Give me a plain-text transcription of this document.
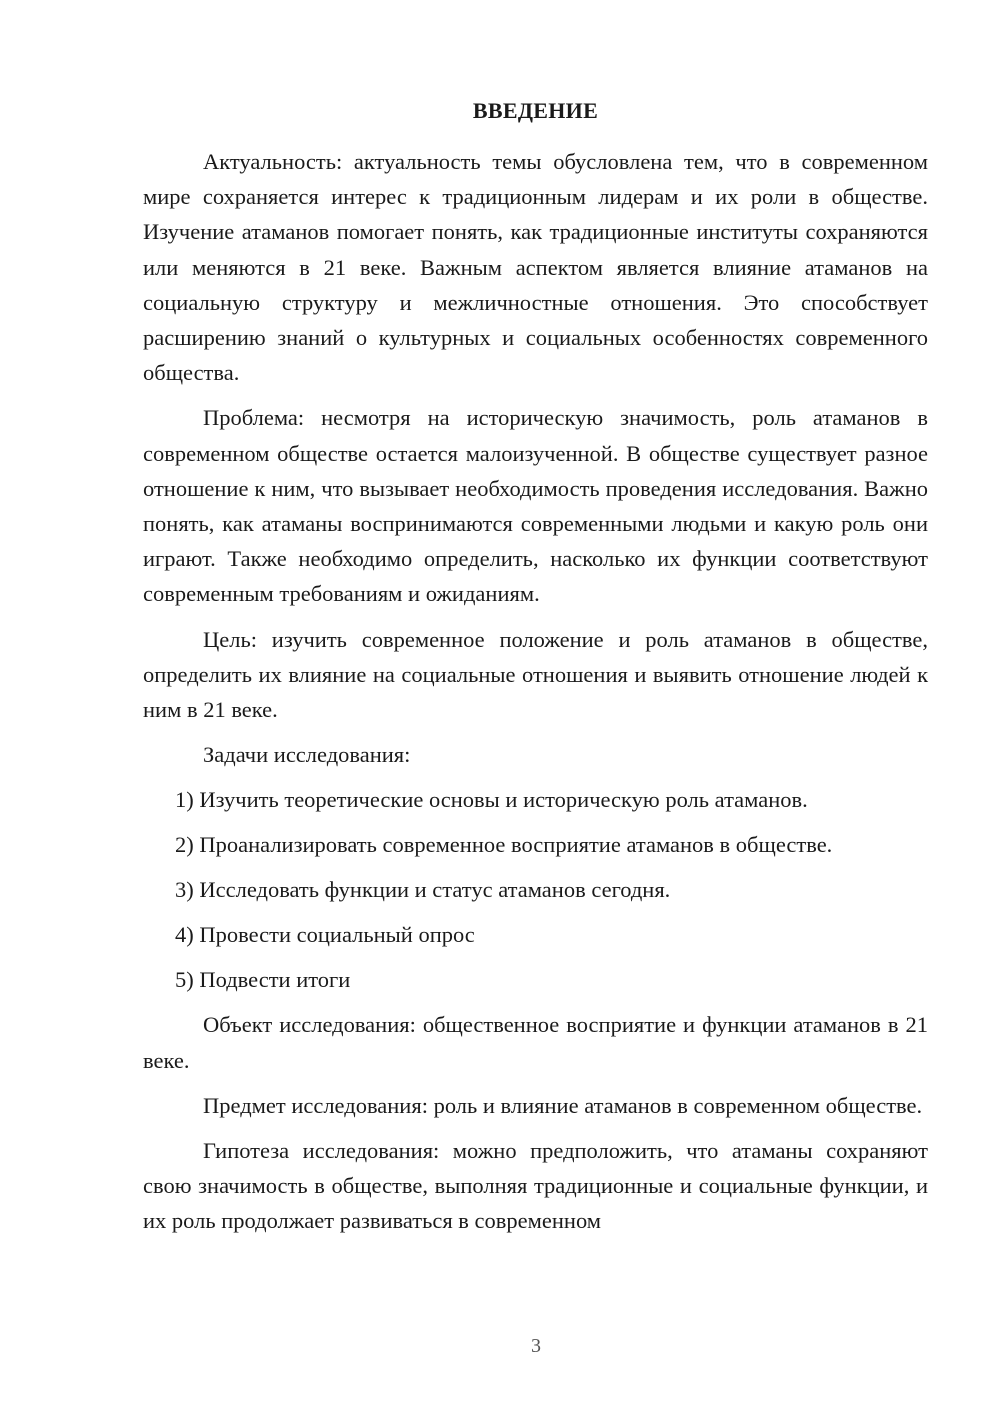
ВВЕДЕНИЕ

Актуальность: актуальность темы обусловлена тем, что в современном мире сохраняется интерес к традиционным лидерам и их роли в обществе. Изучение атаманов помогает понять, как традиционные институты сохраняются или меняются в 21 веке. Важным аспектом является влияние атаманов на социальную структуру и межличностные отношения. Это способствует расширению знаний о культурных и социальных особенностях современного общества.

Проблема: несмотря на историческую значимость, роль атаманов в современном обществе остается малоизученной. В обществе существует разное отношение к ним, что вызывает необходимость проведения исследования. Важно понять, как атаманы воспринимаются современными людьми и какую роль они играют. Также необходимо определить, насколько их функции соответствуют современным требованиям и ожиданиям.

Цель: изучить современное положение и роль атаманов в обществе, определить их влияние на социальные отношения и выявить отношение людей к ним в 21 веке.

Задачи исследования:

1) Изучить теоретические основы и историческую роль атаманов.

2) Проанализировать современное восприятие атаманов в обществе.

3) Исследовать функции и статус атаманов сегодня.

4) Провести социальный опрос

5) Подвести итоги

Объект исследования: общественное восприятие и функции атаманов в 21 веке.

Предмет исследования: роль и влияние атаманов в современном обществе.

Гипотеза исследования: можно предположить, что атаманы сохраняют свою значимость в обществе, выполняя традиционные и социальные функции, и их роль продолжает развиваться в современном

3
